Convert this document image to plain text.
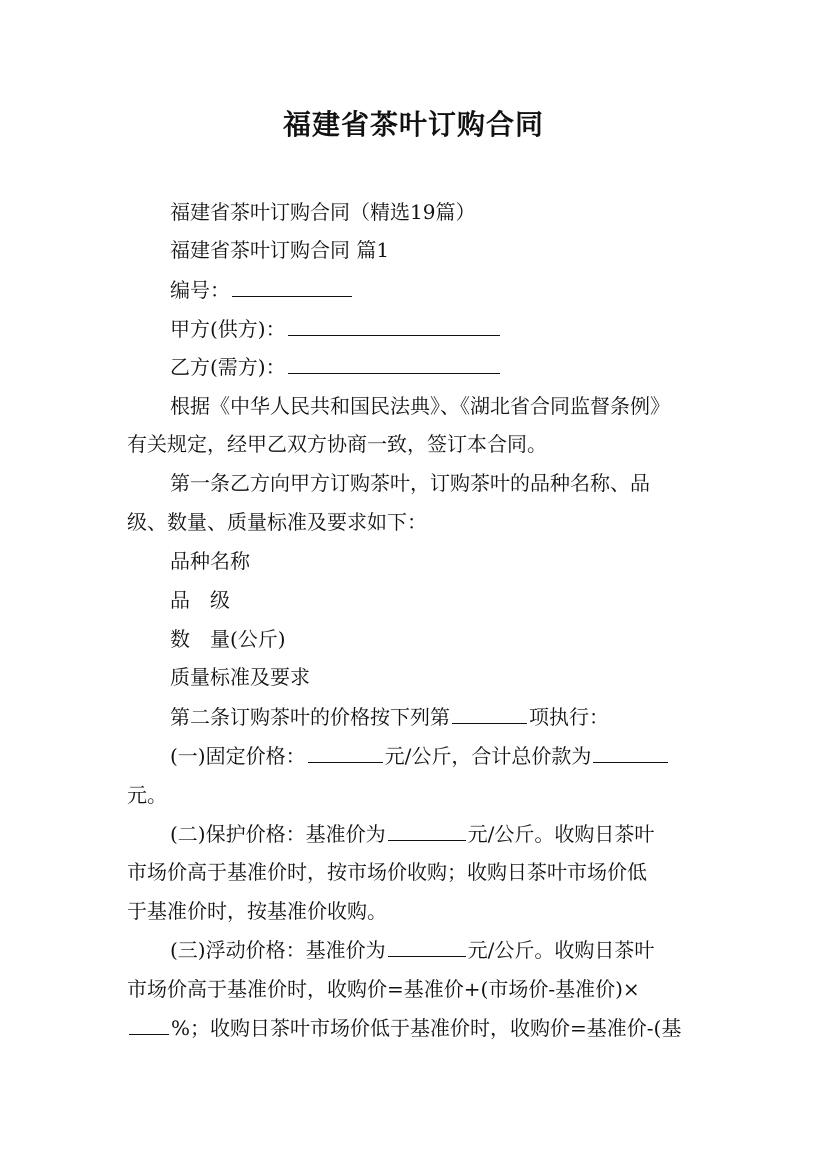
福建省茶叶订购合同
福建省茶叶订购合同（精选19篇）
福建省茶叶订购合同 篇1
编号：
甲方(供方)：
乙方(需方)：
根据《中华人民共和国民法典》、《湖北省合同监督条例》
有关规定，经甲乙双方协商一致，签订本合同。
第一条乙方向甲方订购茶叶，订购茶叶的品种名称、品
级、数量、质量标准及要求如下：
品种名称
品　级
数　量(公斤)
质量标准及要求
第二条订购茶叶的价格按下列第	项执行：
(一)固定价格：	元/公斤，合计总价款为
元。
(二)保护价格：基准价为	元/公斤。收购日茶叶
市场价高于基准价时，按市场价收购；收购日茶叶市场价低
于基准价时，按基准价收购。
(三)浮动价格：基准价为	元/公斤。收购日茶叶
市场价高于基准价时，收购价=基准价+(市场价-基准价)×
%；收购日茶叶市场价低于基准价时，收购价=基准价-(基
